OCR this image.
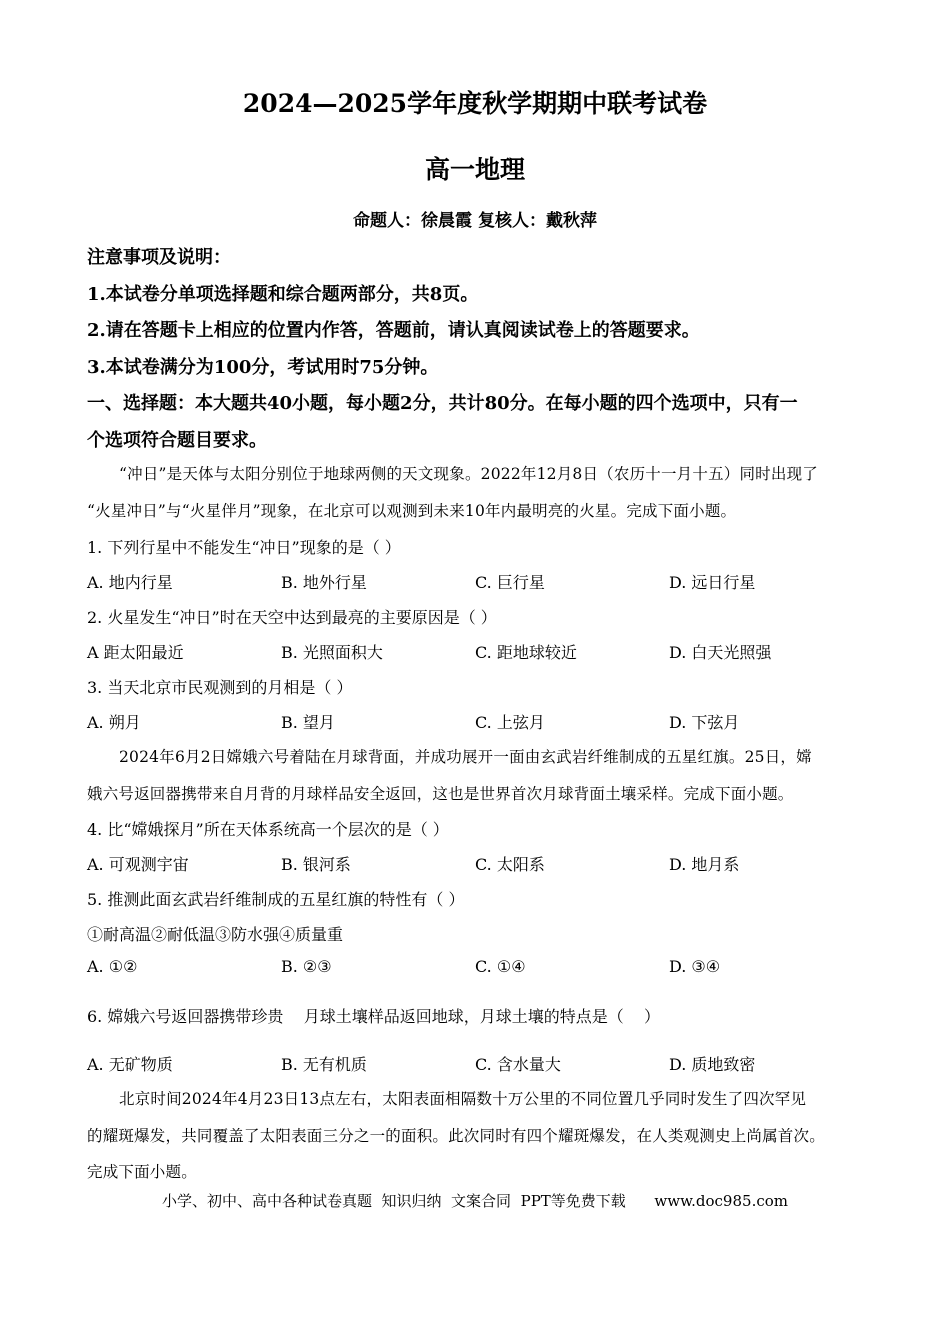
2024—2025学年度秋学期期中联考试卷
高一地理
命题人：徐晨霞 复核人：戴秋萍
注意事项及说明：
1.本试卷分单项选择题和综合题两部分，共8页。
2.请在答题卡上相应的位置内作答，答题前，请认真阅读试卷上的答题要求。
3.本试卷满分为100分，考试用时75分钟。
一、选择题：本大题共40小题，每小题2分，共计80分。在每小题的四个选项中，只有一
个选项符合题目要求。
“冲日”是天体与太阳分别位于地球两侧的天文现象。2022年12月8日（农历十一月十五）同时出现了
“火星冲日”与“火星伴月”现象，在北京可以观测到未来10年内最明亮的火星。完成下面小题。
1. 下列行星中不能发生“冲日”现象的是（ ）
A. 地内行星	B. 地外行星	C. 巨行星	D. 远日行星
2. 火星发生“冲日”时在天空中达到最亮的主要原因是（ ）
A 距太阳最近	B. 光照面积大	C. 距地球较近	D. 白天光照强
3. 当天北京市民观测到的月相是（ ）
A. 朔月	B. 望月	C. 上弦月	D. 下弦月
2024年6月2日嫦娥六号着陆在月球背面，并成功展开一面由玄武岩纤维制成的五星红旗。25日，嫦
娥六号返回器携带来自月背的月球样品安全返回，这也是世界首次月球背面土壤采样。完成下面小题。
4. 比“嫦娥探月”所在天体系统高一个层次的是（ ）
A. 可观测宇宙	B. 银河系	C. 太阳系	D. 地月系
5. 推测此面玄武岩纤维制成的五星红旗的特性有（ ）
①耐高温②耐低温③防水强④质量重
A. ①②	B. ②③	C. ①④	D. ③④
6. 嫦娥六号返回器携带珍贵    月球土壤样品返回地球，月球土壤的特点是（    ）
A. 无矿物质	B. 无有机质	C. 含水量大	D. 质地致密
北京时间2024年4月23日13点左右，太阳表面相隔数十万公里的不同位置几乎同时发生了四次罕见
的耀斑爆发，共同覆盖了太阳表面三分之一的面积。此次同时有四个耀斑爆发，在人类观测史上尚属首次。
完成下面小题。
小学、初中、高中各种试卷真题  知识归纳  文案合同  PPT等免费下载      www.doc985.com
